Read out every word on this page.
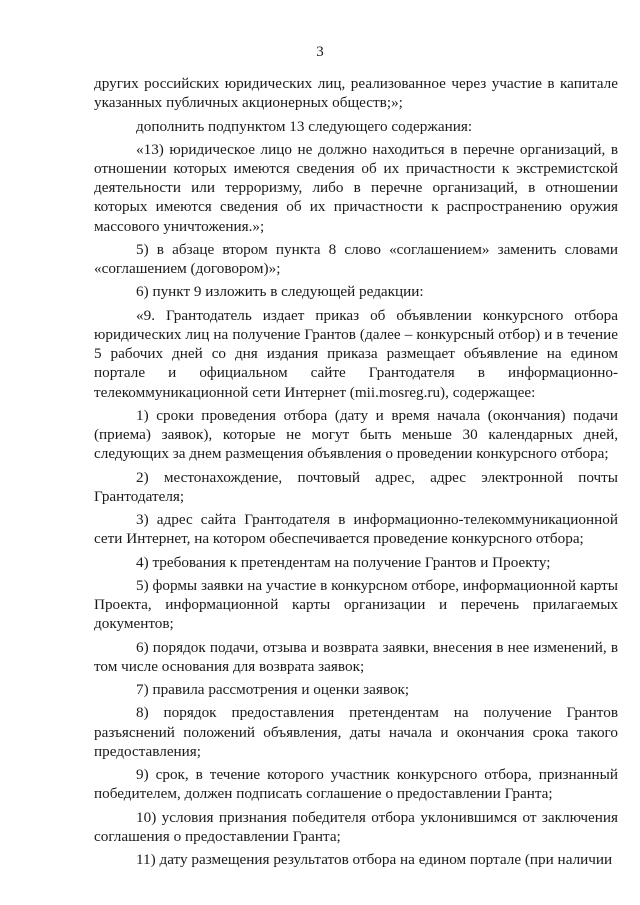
3

других российских юридических лиц, реализованное через участие в капитале указанных публичных акционерных обществ;»;

дополнить подпунктом 13 следующего содержания:

«13) юридическое лицо не должно находиться в перечне организаций, в отношении которых имеются сведения об их причастности к экстремистской деятельности или терроризму, либо в перечне организаций, в отношении которых имеются сведения об их причастности к распространению оружия массового уничтожения.»;

5) в абзаце втором пункта 8 слово «соглашением» заменить словами «соглашением (договором)»;

6) пункт 9 изложить в следующей редакции:

«9. Грантодатель издает приказ об объявлении конкурсного отбора юридических лиц на получение Грантов (далее – конкурсный отбор) и в течение 5 рабочих дней со дня издания приказа размещает объявление на едином портале и официальном сайте Грантодателя в информационно-телекоммуникационной сети Интернет (mii.mosreg.ru), содержащее:

1) сроки проведения отбора (дату и время начала (окончания) подачи (приема) заявок), которые не могут быть меньше 30 календарных дней, следующих за днем размещения объявления о проведении конкурсного отбора;

2) местонахождение, почтовый адрес, адрес электронной почты Грантодателя;

3) адрес сайта Грантодателя в информационно-телекоммуникационной сети Интернет, на котором обеспечивается проведение конкурсного отбора;

4) требования к претендентам на получение Грантов и Проекту;

5) формы заявки на участие в конкурсном отборе, информационной карты Проекта, информационной карты организации и перечень прилагаемых документов;

6) порядок подачи, отзыва и возврата заявки, внесения в нее изменений, в том числе основания для возврата заявок;

7) правила рассмотрения и оценки заявок;

8) порядок предоставления претендентам на получение Грантов разъяснений положений объявления, даты начала и окончания срока такого предоставления;

9) срок, в течение которого участник конкурсного отбора, признанный победителем, должен подписать соглашение о предоставлении Гранта;

10) условия признания победителя отбора уклонившимся от заключения соглашения о предоставлении Гранта;

11) дату размещения результатов отбора на едином портале (при наличии
